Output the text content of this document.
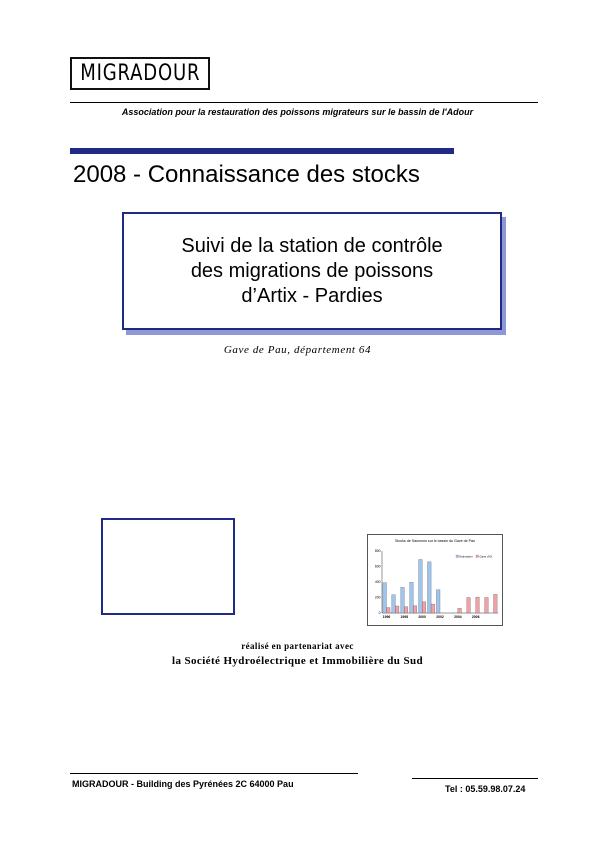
MIGRADOUR
Association pour la restauration des poissons migrateurs sur le bassin de l'Adour
2008 - Connaissance des stocks
Suivi de la station de contrôle
des migrations de poissons
d’Artix - Pardies
Gave de Pau, département 64
Stocks de Saumons sur le bassin du Gave de Pau
0
200
400
600
800
1996	1998	2000	2002	2004	2006
Estimation Gave d’Ol.
réalisé en partenariat avec
la Société Hydroélectrique et Immobilière du Sud
MIGRADOUR - Building des Pyrénées 2C 64000 Pau	Tel : 05.59.98.07.24
